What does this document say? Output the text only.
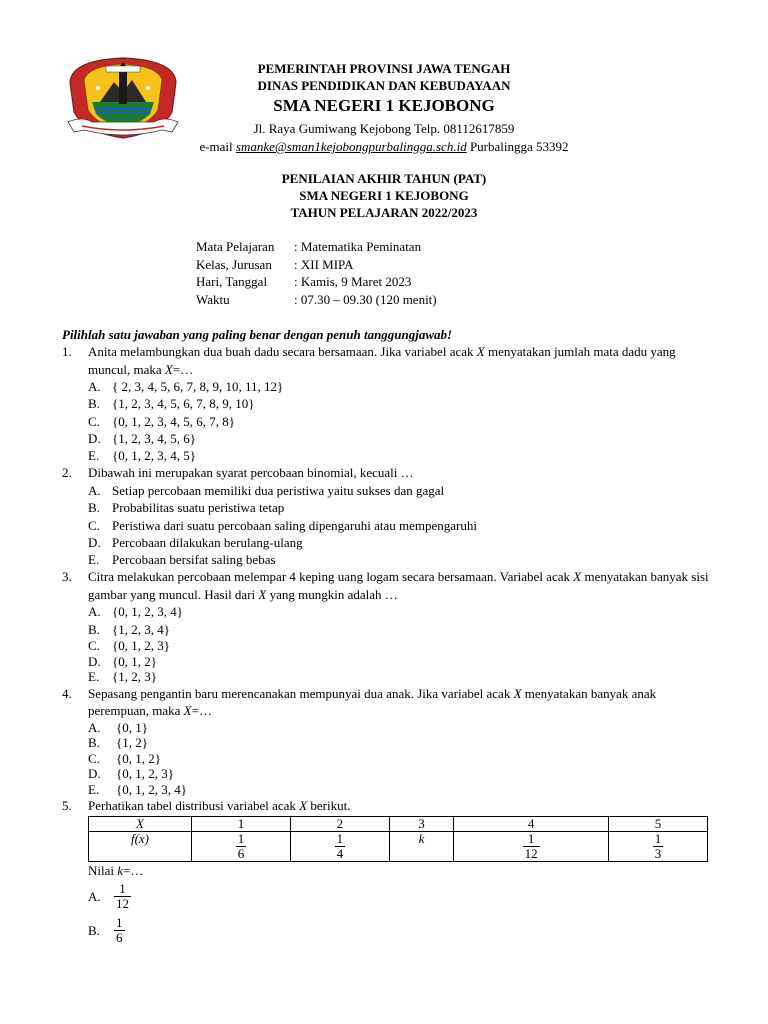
PEMERINTAH PROVINSI JAWA TENGAH
DINAS PENDIDIKAN DAN KEBUDAYAAN
SMA NEGERI 1 KEJOBONG
Jl. Raya Gumiwang Kejobong Telp. 08112617859
e-mail smanke@sman1kejobongpurbalingga.sch.id Purbalingga 53392
PENILAIAN AKHIR TAHUN (PAT)
SMA NEGERI 1 KEJOBONG
TAHUN PELAJARAN 2022/2023
Mata Pelajaran : Matematika Peminatan
Kelas, Jurusan : XII MIPA
Hari, Tanggal : Kamis, 9 Maret 2023
Waktu	: 07.30 – 09.30 (120 menit)
Pilihlah satu jawaban yang paling benar dengan penuh tanggungjawab!
1. Anita melambungkan dua buah dadu secara bersamaan. Jika variabel acak X menyatakan jumlah mata dadu yang muncul, maka X=…
A. { 2, 3, 4, 5, 6, 7, 8, 9, 10, 11, 12}
B. {1, 2, 3, 4, 5, 6, 7, 8, 9, 10}
C. {0, 1, 2, 3, 4, 5, 6, 7, 8}
D. {1, 2, 3, 4, 5, 6}
E. {0, 1, 2, 3, 4, 5}
2. Dibawah ini merupakan syarat percobaan binomial, kecuali …
A. Setiap percobaan memiliki dua peristiwa yaitu sukses dan gagal
B. Probabilitas suatu peristiwa tetap
C. Peristiwa dari suatu percobaan saling dipengaruhi atau mempengaruhi
D. Percobaan dilakukan berulang-ulang
E. Percobaan bersifat saling bebas
3. Citra melakukan percobaan melempar 4 keping uang logam secara bersamaan. Variabel acak X menyatakan banyak sisi gambar yang muncul. Hasil dari X yang mungkin adalah …
A. {0, 1, 2, 3, 4}
B. {1, 2, 3, 4}
C. {0, 1, 2, 3}
D. {0, 1, 2}
E. {1, 2, 3}
4. Sepasang pengantin baru merencanakan mempunyai dua anak. Jika variabel acak X menyatakan banyak anak perempuan, maka X=…
A. {0, 1}
B. {1, 2}
C. {0, 1, 2}
D. {0, 1, 2, 3}
E. {0, 1, 2, 3, 4}
5. Perhatikan tabel distribusi variabel acak X berikut.
X	1	2	3	4	5
f(x)	$\frac{1}{6}$	$\frac{1}{4}$	k	$\frac{1}{12}$	$\frac{1}{3}$
Nilai k=…
A. $\frac{1}{12}$
B. $\frac{1}{6}$
